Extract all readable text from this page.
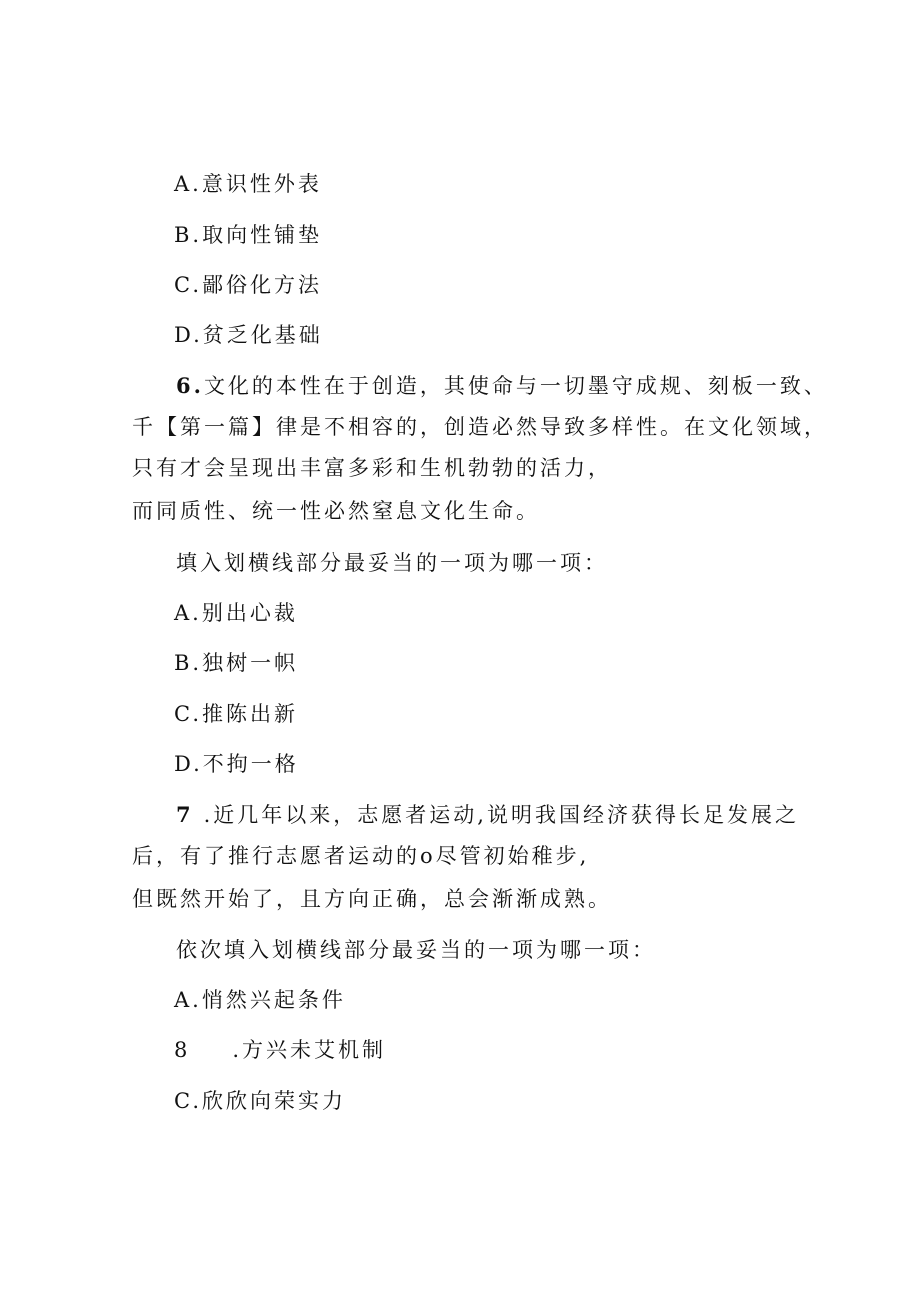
A.意识性外表
B.取向性铺垫
C.鄙俗化方法
D.贫乏化基础
6.文化的本性在于创造，其使命与一切墨守成规、刻板一致、
千【第一篇】律是不相容的，创造必然导致多样性。在文化领域，
只有才会呈现出丰富多彩和生机勃勃的活力，
而同质性、统一性必然窒息文化生命。
填入划横线部分最妥当的一项为哪一项：
A.别出心裁
B.独树一帜
C.推陈出新
D.不拘一格
7 .近几年以来，志愿者运动,说明我国经济获得长足发展之
后，有了推行志愿者运动的o尽管初始稚步,
但既然开始了，且方向正确，总会渐渐成熟。
依次填入划横线部分最妥当的一项为哪一项：
A.悄然兴起条件
8 .方兴未艾机制
C.欣欣向荣实力
